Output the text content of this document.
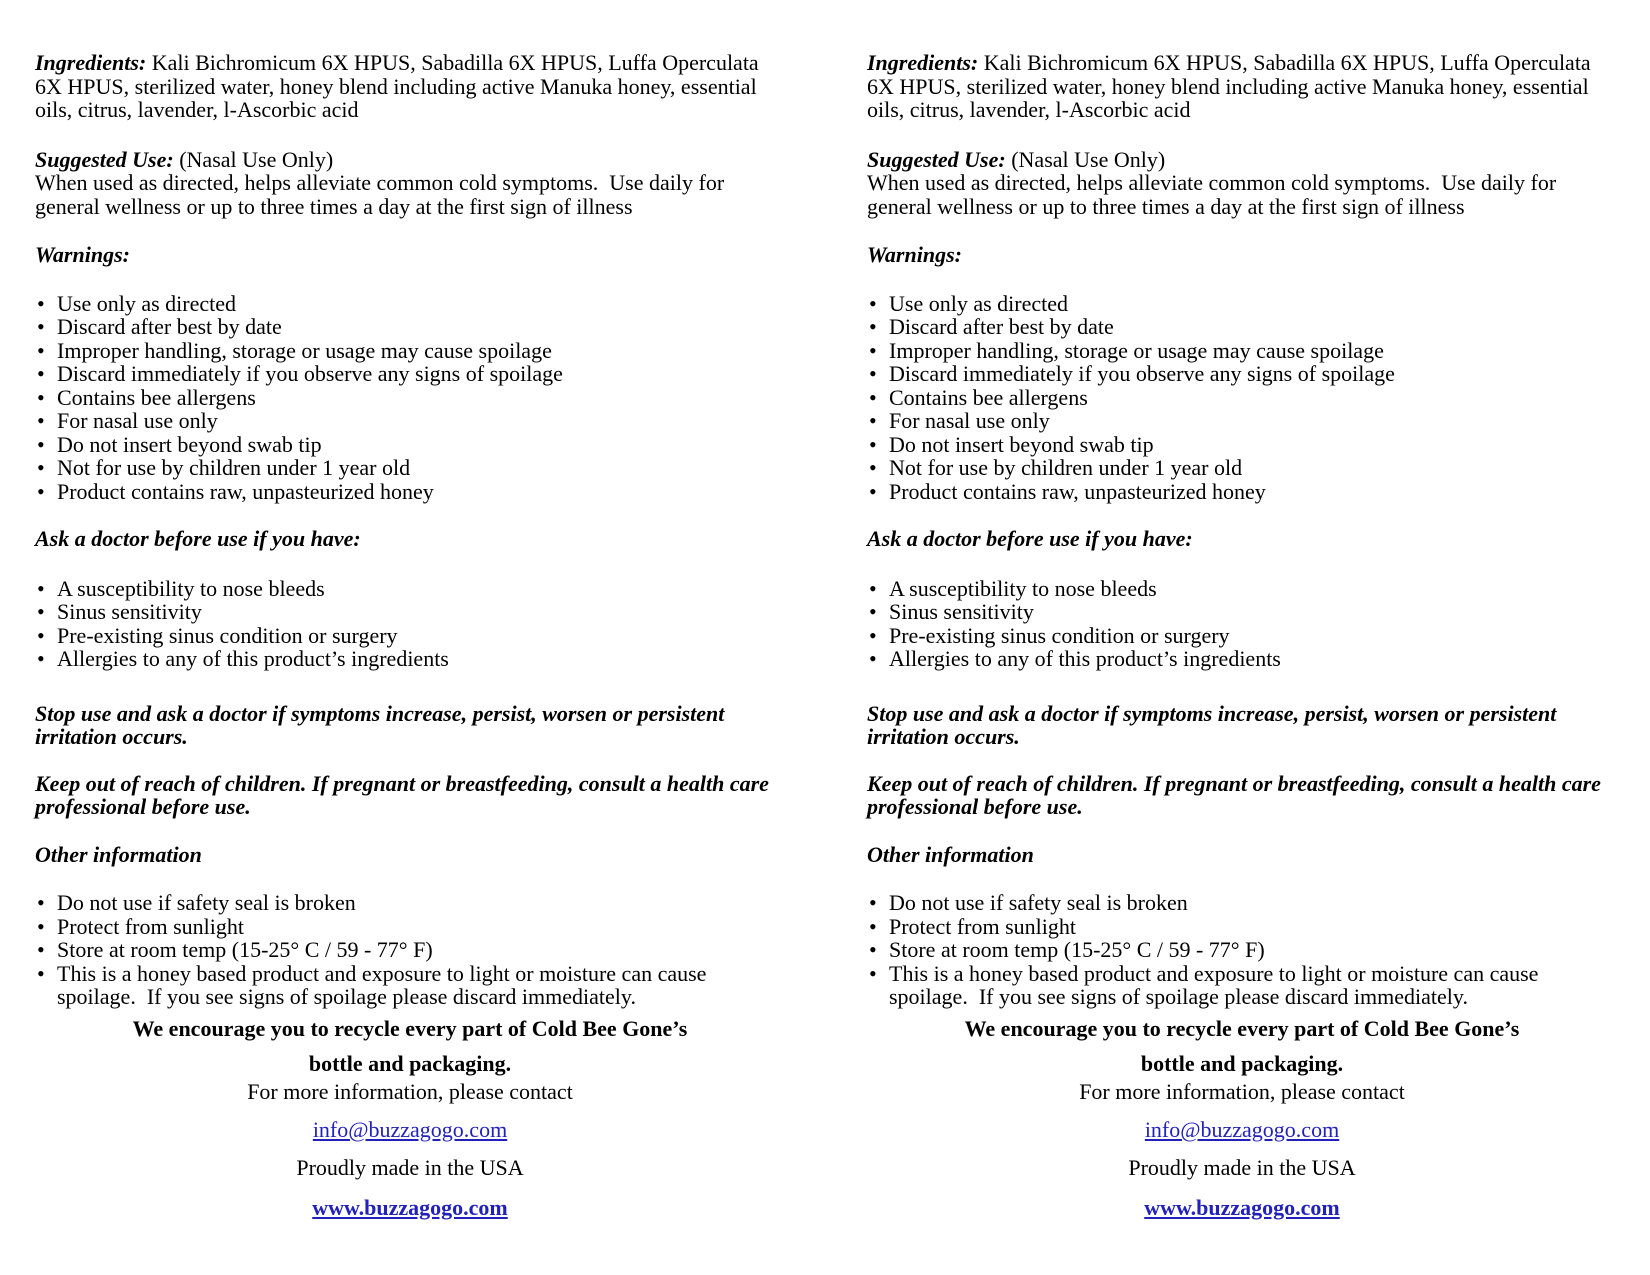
Ingredients: Kali Bichromicum 6X HPUS, Sabadilla 6X HPUS, Luffa Operculata 6X HPUS, sterilized water, honey blend including active Manuka honey, essential oils, citrus, lavender, l-Ascorbic acid

Suggested Use: (Nasal Use Only)

When used as directed, helps alleviate common cold symptoms.  Use daily for general wellness or up to three times a day at the first sign of illness

Warnings:

• Use only as directed
• Discard after best by date
• Improper handling, storage or usage may cause spoilage
• Discard immediately if you observe any signs of spoilage
• Contains bee allergens
• For nasal use only
• Do not insert beyond swab tip
• Not for use by children under 1 year old
• Product contains raw, unpasteurized honey

Ask a doctor before use if you have:

• A susceptibility to nose bleeds
• Sinus sensitivity
• Pre-existing sinus condition or surgery
• Allergies to any of this product’s ingredients

Stop use and ask a doctor if symptoms increase, persist, worsen or persistent irritation occurs.

Keep out of reach of children. If pregnant or breastfeeding, consult a health care professional before use.

Other information

• Do not use if safety seal is broken
• Protect from sunlight
• Store at room temp (15-25° C / 59 - 77° F)
• This is a honey based product and exposure to light or moisture can cause spoilage.  If you see signs of spoilage please discard immediately.

We encourage you to recycle every part of Cold Bee Gone’s

bottle and packaging.

For more information, please contact

info@buzzagogo.com

Proudly made in the USA

www.buzzagogo.com

Ingredients: Kali Bichromicum 6X HPUS, Sabadilla 6X HPUS, Luffa Operculata 6X HPUS, sterilized water, honey blend including active Manuka honey, essential oils, citrus, lavender, l-Ascorbic acid

Suggested Use: (Nasal Use Only)

When used as directed, helps alleviate common cold symptoms.  Use daily for general wellness or up to three times a day at the first sign of illness

Warnings:

• Use only as directed
• Discard after best by date
• Improper handling, storage or usage may cause spoilage
• Discard immediately if you observe any signs of spoilage
• Contains bee allergens
• For nasal use only
• Do not insert beyond swab tip
• Not for use by children under 1 year old
• Product contains raw, unpasteurized honey

Ask a doctor before use if you have:

• A susceptibility to nose bleeds
• Sinus sensitivity
• Pre-existing sinus condition or surgery
• Allergies to any of this product’s ingredients

Stop use and ask a doctor if symptoms increase, persist, worsen or persistent irritation occurs.

Keep out of reach of children. If pregnant or breastfeeding, consult a health care professional before use.

Other information

• Do not use if safety seal is broken
• Protect from sunlight
• Store at room temp (15-25° C / 59 - 77° F)
• This is a honey based product and exposure to light or moisture can cause spoilage.  If you see signs of spoilage please discard immediately.

We encourage you to recycle every part of Cold Bee Gone’s

bottle and packaging.

For more information, please contact

info@buzzagogo.com

Proudly made in the USA

www.buzzagogo.com
